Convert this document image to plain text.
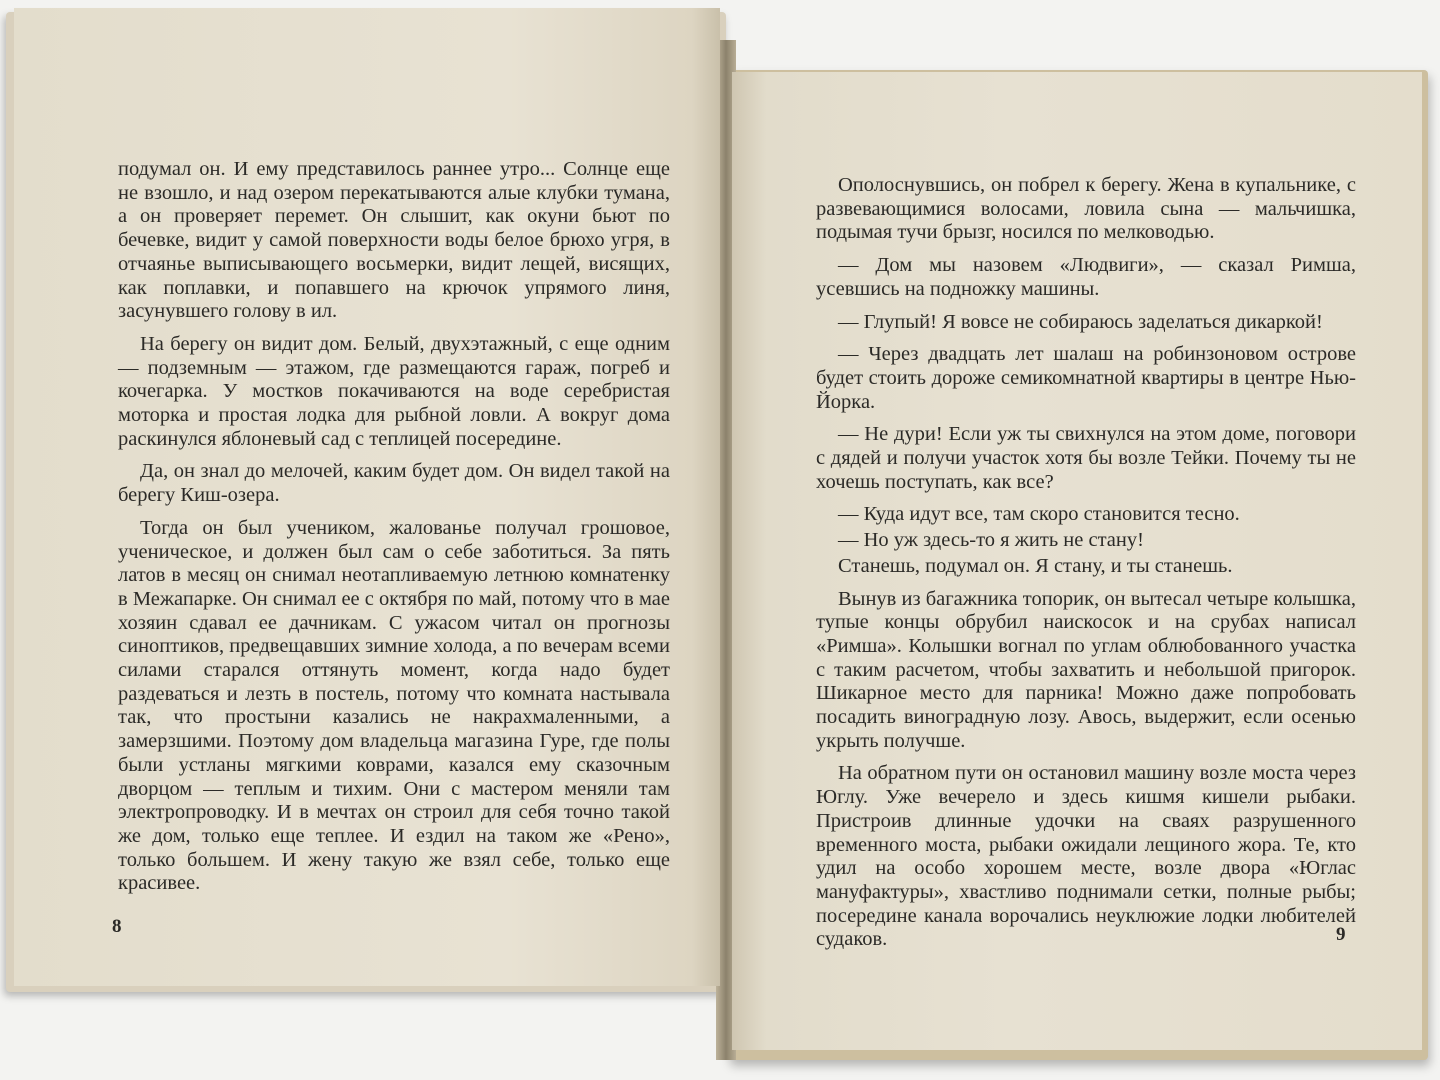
подумал он. И ему представилось раннее утро... Солнце еще не взошло, и над озером перекатываются алые клубки тумана, а он проверяет перемет. Он слышит, как окуни бьют по бечевке, видит у самой поверхности воды белое брюхо угря, в отчаянье выписывающего восьмерки, видит лещей, висящих, как поплавки, и попавшего на крючок упрямого линя, засунувшего голову в ил.

На берегу он видит дом. Белый, двухэтажный, с еще одним — подземным — этажом, где размещаются гараж, погреб и кочегарка. У мостков покачиваются на воде серебристая моторка и простая лодка для рыбной ловли. А вокруг дома раскинулся яблоневый сад с теплицей посередине.

Да, он знал до мелочей, каким будет дом. Он видел такой на берегу Киш-озера.

Тогда он был учеником, жалованье получал грошовое, ученическое, и должен был сам о себе заботиться. За пять латов в месяц он снимал неотапливаемую летнюю комнатенку в Межапарке. Он снимал ее с октября по май, потому что в мае хозяин сдавал ее дачникам. С ужасом читал он прогнозы синоптиков, предвещавших зимние холода, а по вечерам всеми силами старался оттянуть момент, когда надо будет раздеваться и лезть в постель, потому что комната настывала так, что простыни казались не накрахмаленными, а замерзшими. Поэтому дом владельца магазина Гуре, где полы были устланы мягкими коврами, казался ему сказочным дворцом — теплым и тихим. Они с мастером меняли там электропроводку. И в мечтах он строил для себя точно такой же дом, только еще теплее. И ездил на таком же «Рено», только большем. И жену такую же взял себе, только еще красивее.

8

Ополоснувшись, он побрел к берегу. Жена в купальнике, с развевающимися волосами, ловила сына — мальчишка, подымая тучи брызг, носился по мелководью.

— Дом мы назовем «Людвиги», — сказал Римша, усевшись на подножку машины.

— Глупый! Я вовсе не собираюсь заделаться дикаркой!

— Через двадцать лет шалаш на робинзоновом острове будет стоить дороже семикомнатной квартиры в центре Нью-Йорка.

— Не дури! Если уж ты свихнулся на этом доме, поговори с дядей и получи участок хотя бы возле Тейки. Почему ты не хочешь поступать, как все?

— Куда идут все, там скоро становится тесно.

— Но уж здесь-то я жить не стану!

Станешь, подумал он. Я стану, и ты станешь.

Вынув из багажника топорик, он вытесал четыре колышка, тупые концы обрубил наискосок и на срубах написал «Римша». Колышки вогнал по углам облюбованного участка с таким расчетом, чтобы захватить и небольшой пригорок. Шикарное место для парника! Можно даже попробовать посадить виноградную лозу. Авось, выдержит, если осенью укрыть получше.

На обратном пути он остановил машину возле моста через Юглу. Уже вечерело и здесь кишмя кишели рыбаки. Пристроив длинные удочки на сваях разрушенного временного моста, рыбаки ожидали лещиного жора. Те, кто удил на особо хорошем месте, возле двора «Юглас мануфактуры», хвастливо поднимали сетки, полные рыбы; посередине канала ворочались неуклюжие лодки любителей судаков.	9
